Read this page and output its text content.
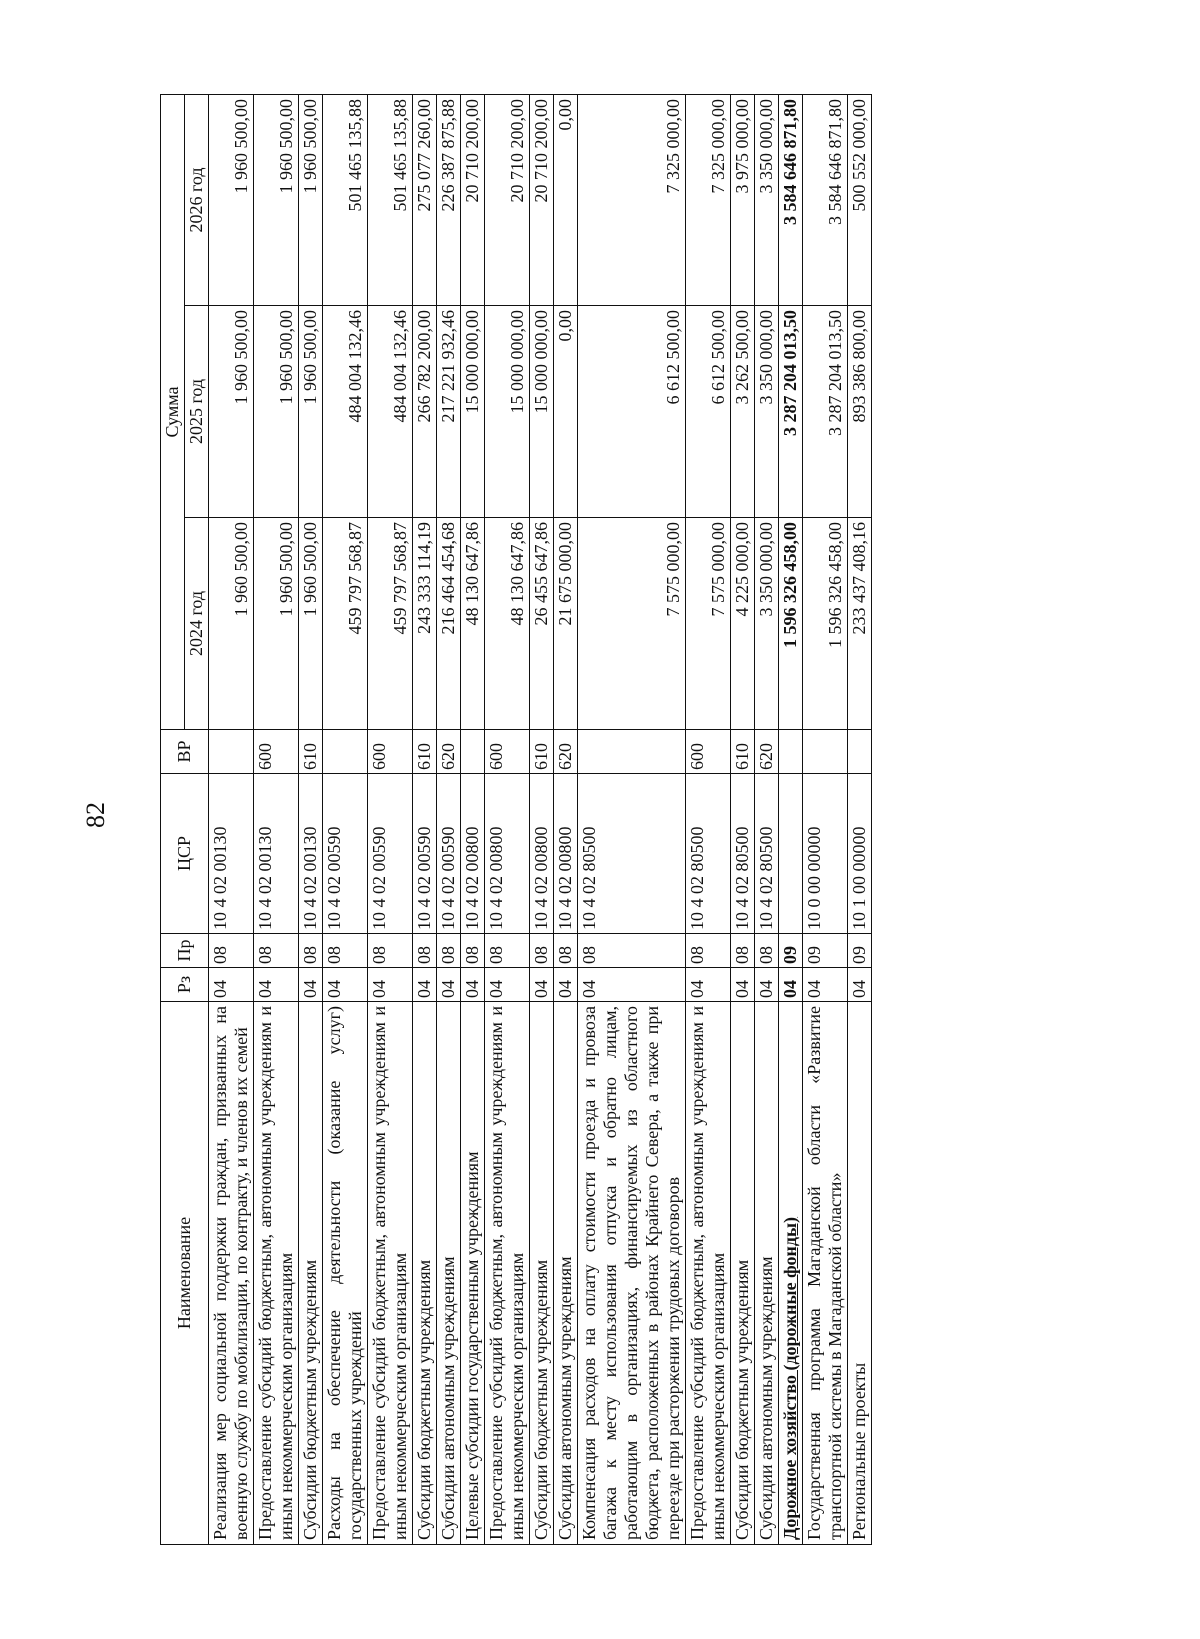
82
Наименование	Рз	Пр	ЦСР	ВР	Сумма		
					2024 год	2025 год	2026 год
Реализация мер социальной поддержки граждан, призванных на военную службу по мобилизации, по контракту, и членов их семей	04	08	10 4 02 00130		1 960 500,00	1 960 500,00	1 960 500,00
Предоставление субсидий бюджетным, автономным учреждениям и иным некоммерческим организациям	04	08	10 4 02 00130	600	1 960 500,00	1 960 500,00	1 960 500,00
Субсидии бюджетным учреждениям	04	08	10 4 02 00130	610	1 960 500,00	1 960 500,00	1 960 500,00
Расходы на обеспечение деятельности (оказание услуг) государственных учреждений	04	08	10 4 02 00590		459 797 568,87	484 004 132,46	501 465 135,88
Предоставление субсидий бюджетным, автономным учреждениям и иным некоммерческим организациям	04	08	10 4 02 00590	600	459 797 568,87	484 004 132,46	501 465 135,88
Субсидии бюджетным учреждениям	04	08	10 4 02 00590	610	243 333 114,19	266 782 200,00	275 077 260,00
Субсидии автономным учреждениям	04	08	10 4 02 00590	620	216 464 454,68	217 221 932,46	226 387 875,88
Целевые субсидии государственным учреждениям	04	08	10 4 02 00800		48 130 647,86	15 000 000,00	20 710 200,00
Предоставление субсидий бюджетным, автономным учреждениям и иным некоммерческим организациям	04	08	10 4 02 00800	600	48 130 647,86	15 000 000,00	20 710 200,00
Субсидии бюджетным учреждениям	04	08	10 4 02 00800	610	26 455 647,86	15 000 000,00	20 710 200,00
Субсидии автономным учреждениям	04	08	10 4 02 00800	620	21 675 000,00	0,00	0,00
Компенсация расходов на оплату стоимости проезда и провоза багажа к месту использования отпуска и обратно лицам, работающим в организациях, финансируемых из областного бюджета, расположенных в районах Крайнего Севера, а также при переезде при расторжении трудовых договоров	04	08	10 4 02 80500		7 575 000,00	6 612 500,00	7 325 000,00
Предоставление субсидий бюджетным, автономным учреждениям и иным некоммерческим организациям	04	08	10 4 02 80500	600	7 575 000,00	6 612 500,00	7 325 000,00
Субсидии бюджетным учреждениям	04	08	10 4 02 80500	610	4 225 000,00	3 262 500,00	3 975 000,00
Субсидии автономным учреждениям	04	08	10 4 02 80500	620	3 350 000,00	3 350 000,00	3 350 000,00
Дорожное хозяйство (дорожные фонды)	04	09			1 596 326 458,00	3 287 204 013,50	3 584 646 871,80
Государственная программа Магаданской области «Развитие транспортной системы в Магаданской области»	04	09	10 0 00 00000		1 596 326 458,00	3 287 204 013,50	3 584 646 871,80
Региональные проекты	04	09	10 1 00 00000		233 437 408,16	893 386 800,00	500 552 000,00
